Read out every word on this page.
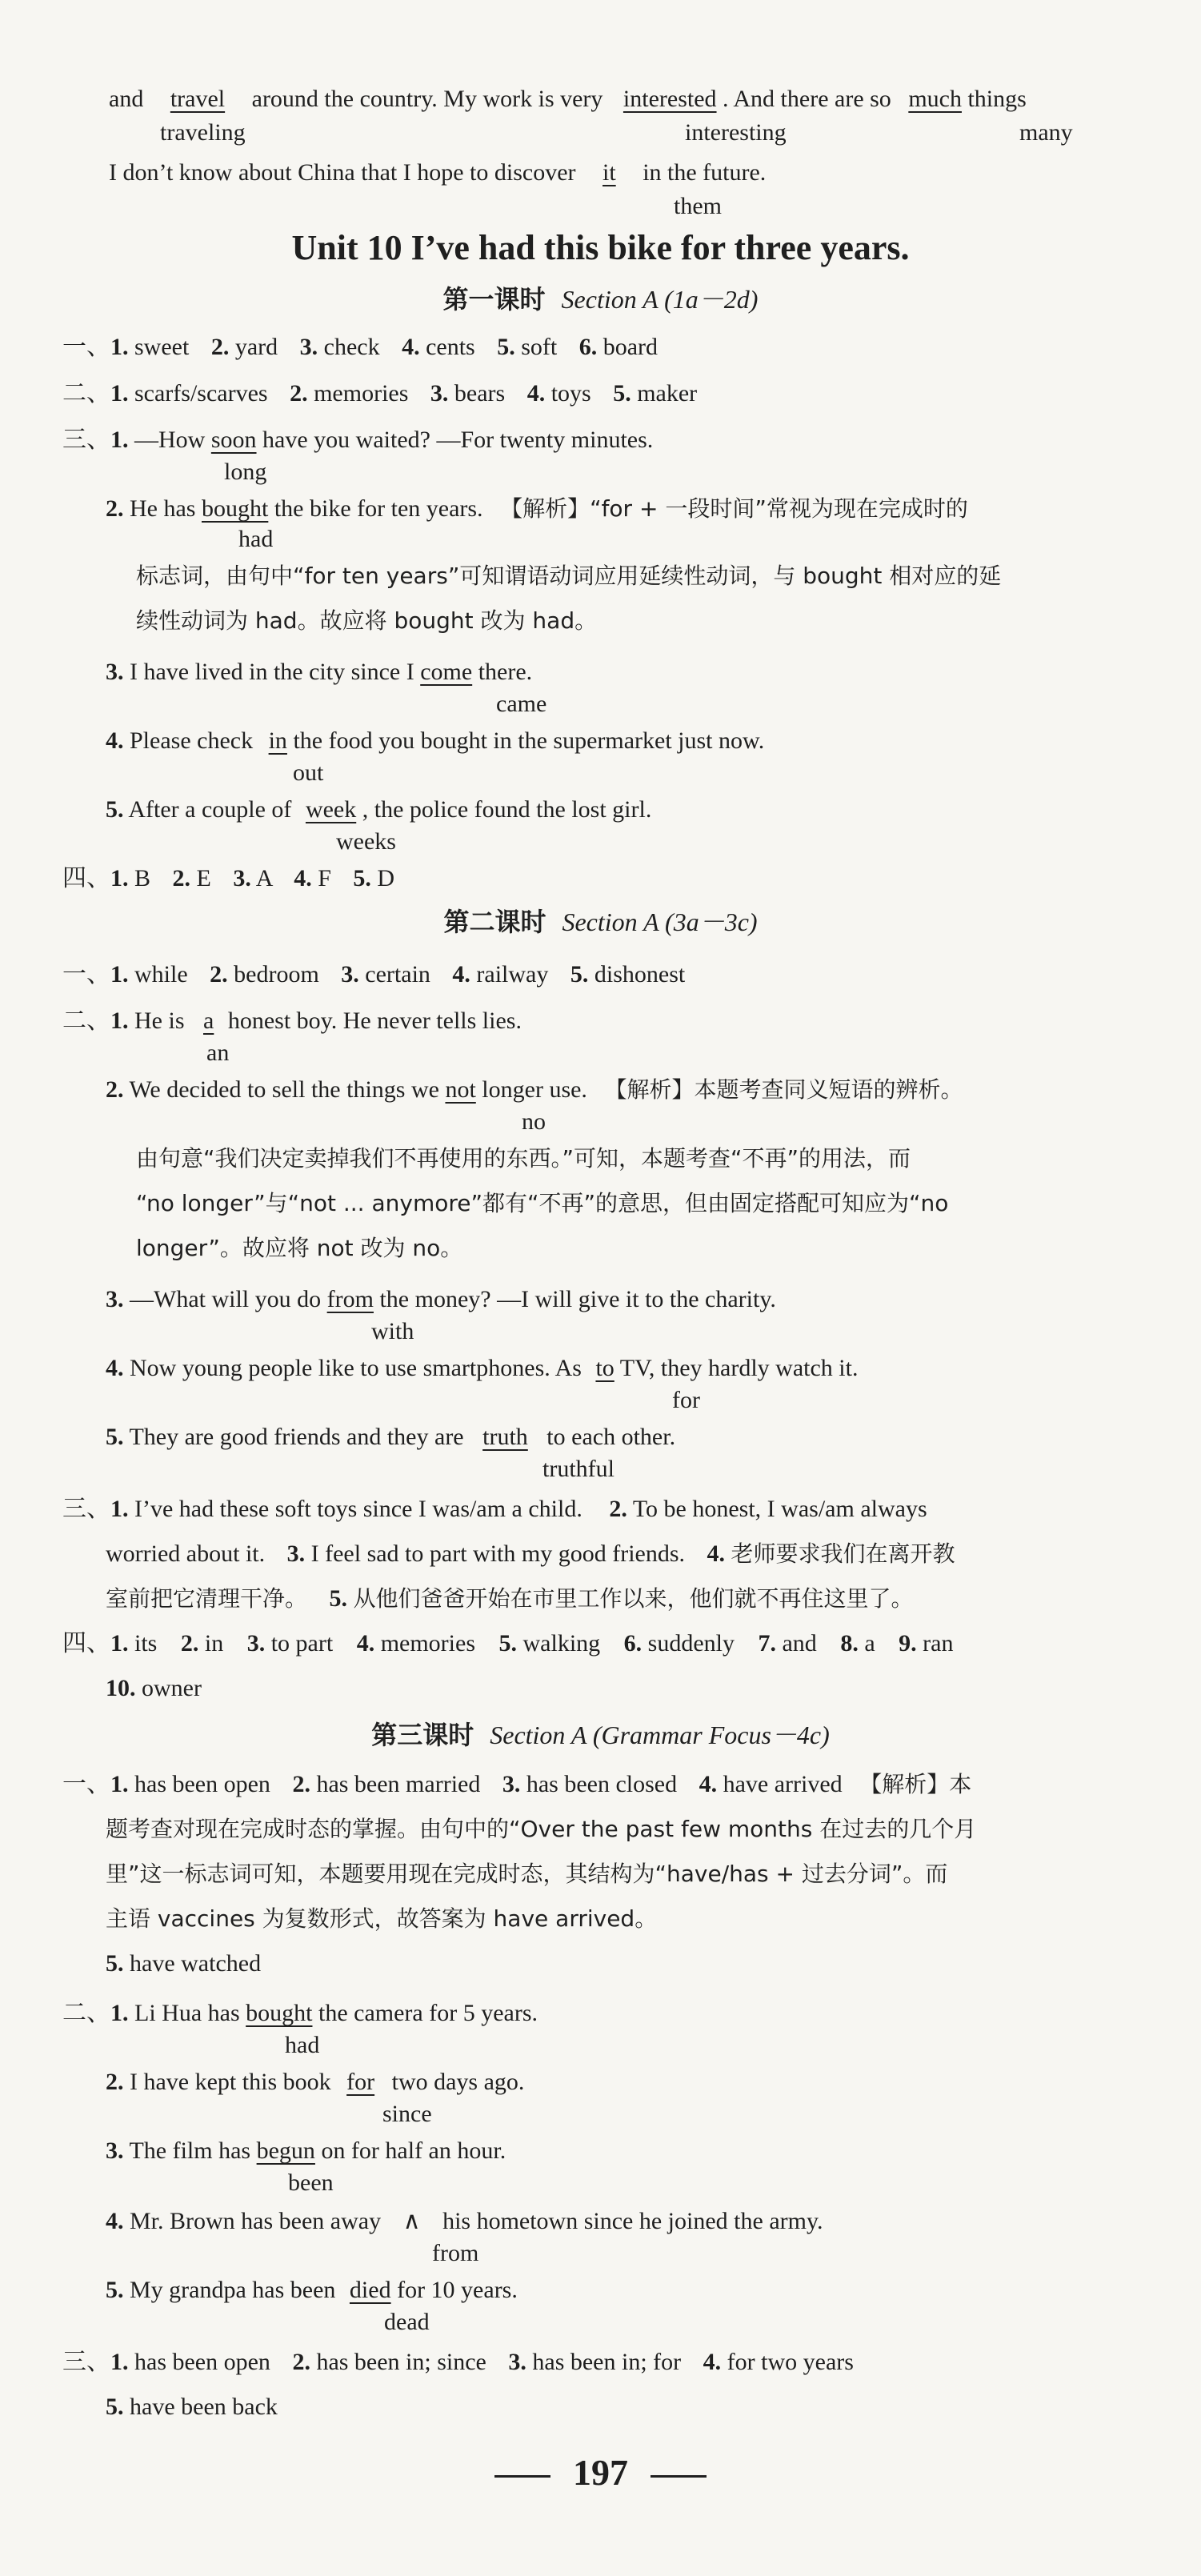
and travel around the country. My work is very interested . And there are so much things
traveling	interesting	many
I don’t know about China that I hope to discover it in the future.
them
Unit 10 I’ve had this bike for three years.
第一课时 Section A (1a－2d)
一、1. sweet 2. yard 3. check 4. cents 5. soft 6. board
二、1. scarfs/scarves 2. memories 3. bears 4. toys 5. maker
三、1. —How soon have you waited? —For twenty minutes.
long
2. He has bought the bike for ten years. 【解析】“for + 一段时间”常视为现在完成时的
had
标志词，由句中“for ten years”可知谓语动词应用延续性动词，与 bought 相对应的延
续性动词为 had。故应将 bought 改为 had。
3. I have lived in the city since I come there.
came
4. Please check in the food you bought in the supermarket just now.
out
5. After a couple of week , the police found the lost girl.
weeks
四、1. B 2. E 3. A 4. F 5. D
第二课时 Section A (3a－3c)
一、1. while 2. bedroom 3. certain 4. railway 5. dishonest
二、1. He is a honest boy. He never tells lies.
an
2. We decided to sell the things we not longer use. 【解析】本题考查同义短语的辨析。
no
由句意“我们决定卖掉我们不再使用的东西。”可知，本题考查“不再”的用法，而
“no longer”与“not ... anymore”都有“不再”的意思，但由固定搭配可知应为“no
longer”。故应将 not 改为 no。
3. —What will you do from the money? —I will give it to the charity.
with
4. Now young people like to use smartphones. As to TV, they hardly watch it.
for
5. They are good friends and they are truth to each other.
truthful
三、1. I’ve had these soft toys since I was/am a child. 2. To be honest, I was/am always
worried about it. 3. I feel sad to part with my good friends. 4. 老师要求我们在离开教
室前把它清理干净。 5. 从他们爸爸开始在市里工作以来，他们就不再住这里了。
四、1. its 2. in 3. to part 4. memories 5. walking 6. suddenly 7. and 8. a 9. ran
10. owner
第三课时 Section A (Grammar Focus－4c)
一、1. has been open 2. has been married 3. has been closed 4. have arrived 【解析】本
题考查对现在完成时态的掌握。由句中的“Over the past few months 在过去的几个月
里”这一标志词可知，本题要用现在完成时态，其结构为“have/has + 过去分词”。而
主语 vaccines 为复数形式，故答案为 have arrived。
5. have watched
二、1. Li Hua has bought the camera for 5 years.
had
2. I have kept this book for two days ago.
since
3. The film has begun on for half an hour.
been
4. Mr. Brown has been away ∧ his hometown since he joined the army.
from
5. My grandpa has been died for 10 years.
dead
三、1. has been open 2. has been in; since 3. has been in; for 4. for two years
5. have been back
197
